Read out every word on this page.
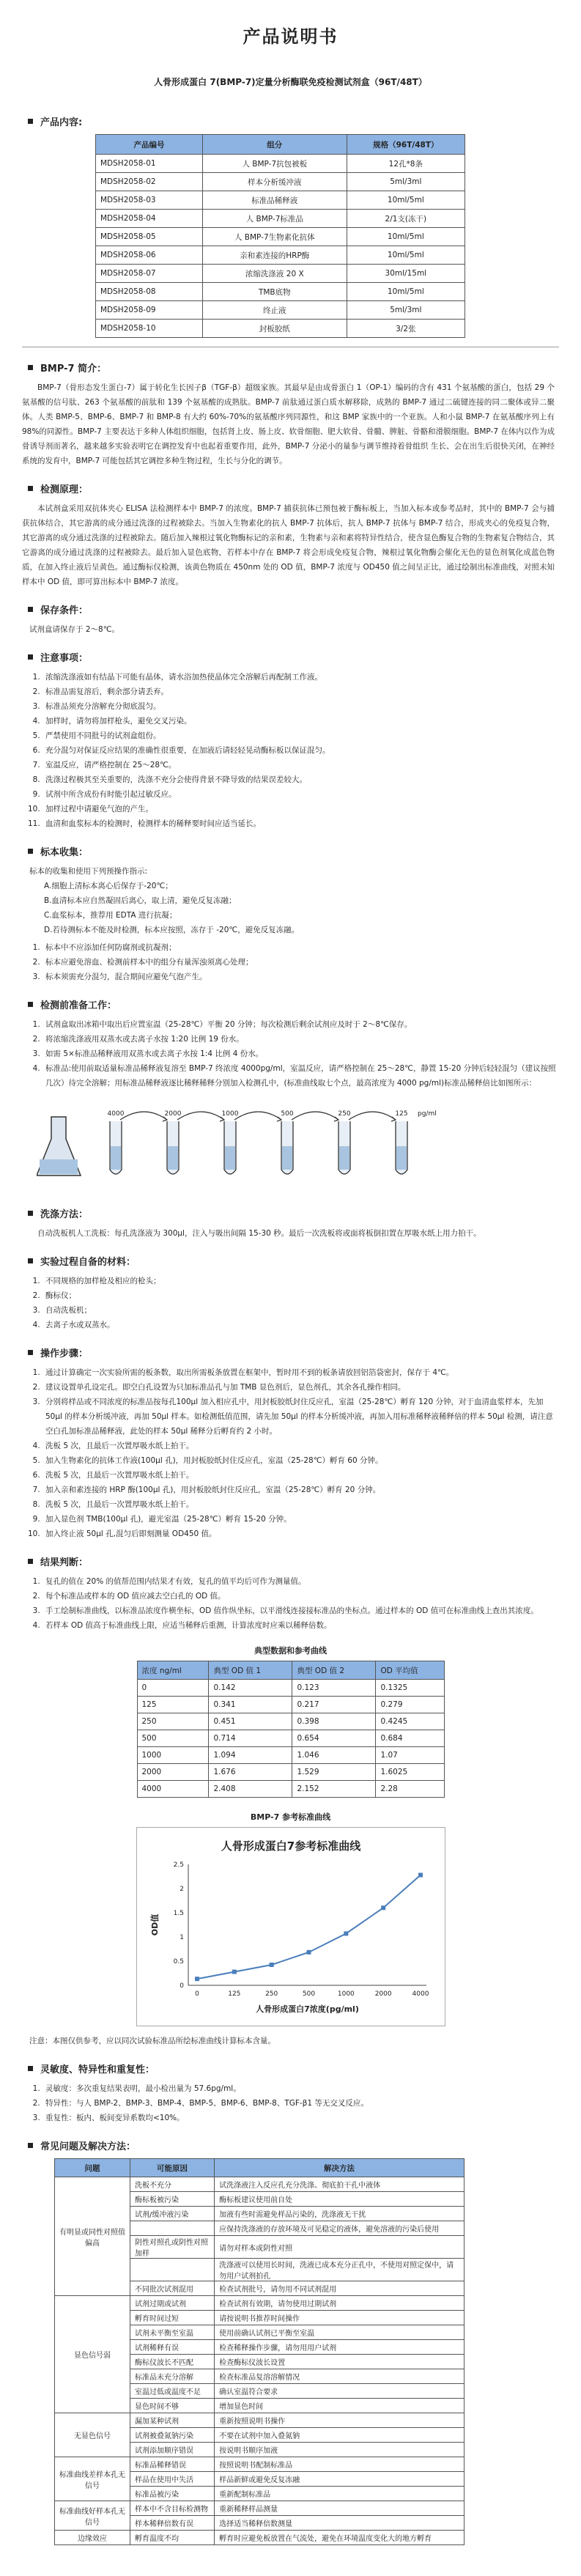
产品说明书
人骨形成蛋白 7(BMP-7)定量分析酶联免疫检测试剂盒（96T/48T）
产品内容:
产品编号	组分	规格（96T/48T）
MDSH2058-01	人 BMP-7抗包被板	12孔*8条
MDSH2058-02	样本分析缓冲液	5ml/3ml
MDSH2058-03	标准品稀释液	10ml/5ml
MDSH2058-04	人 BMP-7标准品	2/1支(冻干)
MDSH2058-05	人 BMP-7生物素化抗体	10ml/5ml
MDSH2058-06	亲和素连接的HRP酶	10ml/5ml
MDSH2058-07	浓缩洗涤液 20 X	30ml/15ml
MDSH2058-08	TMB底物	10ml/5ml
MDSH2058-09	终止液	5ml/3ml
MDSH2058-10	封板胶纸	3/2张
BMP-7 简介：

BMP-7（骨形态发生蛋白-7）属于转化生长因子β（TGF-β）超级家族。其最早是由成骨蛋白 1（OP-1）编码的含有 431 个氨基酸的蛋白，包括 29 个氨基酸的信号肽、263 个氨基酸的前肽和 139 个氨基酸的成熟肽。BMP-7 前肽通过蛋白质水解移除，成熟的 BMP-7 通过二硫键连接的同二聚体或异二聚体。人类 BMP-5、BMP-6、BMP-7 和 BMP-8 有大约 60%-70%的氨基酸序列同源性，和这 BMP 家族中的一个亚族。人和小鼠 BMP-7 在氨基酸序列上有 98%的同源性。BMP-7 主要表达于多种人体组织细胞，包括肾上皮、肠上皮、软骨细胞、肥大软骨、骨髓、脾脏、骨骼和滑膜细胞。BMP-7 在体内以作为成骨诱导剂而著名，越来越多实验表明它在调控发育中也起着重要作用，此外，BMP-7 分泌小的量参与调节维持着骨组织 生长、会在出生后很快关闭，在神经系统的发育中，BMP-7 可能包括其它调控多种生物过程，生长与分化的调节。

检测原理：

本试剂盒采用双抗体夹心 ELISA 法检测样本中 BMP-7 的浓度。BMP-7 捕获抗体已预包被于酶标板上，当加入标本或参考品时，其中的 BMP-7 会与捕获抗体结合，其它游离的成分通过洗涤的过程被除去。当加入生物素化的抗人 BMP-7 抗体后，抗人 BMP-7 抗体与 BMP-7 结合，形成夹心的免疫复合物，其它游离的成分通过洗涤的过程被除去。随后加入辣根过氧化物酶标记的亲和素，生物素与亲和素将特异性结合，使含显色酶复合物的生物素复合物结合，其它游离的成分通过洗涤的过程被除去。最后加入显色底物，若样本中存在 BMP-7 将会形成免疫复合物，辣根过氧化物酶会催化无色的显色剂氧化成蓝色物质，在加入终止液后呈黄色。通过酶标仪检测，该黄色物质在 450nm 处的 OD 值，BMP-7 浓度与 OD450 值之间呈正比，通过绘制出标准曲线，对照未知样本中 OD 值，即可算出标本中 BMP-7 浓度。

保存条件：
试剂盒请保存于 2～8℃。
注意事项：
1. 浓缩洗涤液如有结晶下可能有晶体，请水浴加热使晶体完全溶解后再配制工作液。
2. 标准品需复溶后，剩余部分请丢弃。
3. 标准品须充分溶解充分彻底混匀。
4. 加样时，请勿将加样枪头，避免交叉污染。
5. 严禁使用不同批号的试剂盒组份。
6. 充分混匀对保证反应结果的准确性很重要，在加液后请轻轻晃动酶标板以保证混匀。
7. 室温反应，请严格控制在 25～28℃。
8. 洗涤过程极其至关重要的，洗涤不充分会使得背景不降导致的结果误差较大。
9. 试剂中所含成份有时能引起过敏反应。
10. 加样过程中请避免气泡的产生。
11. 血清和血浆标本的检测时，检测样本的稀释要时间应适当延长。
标本收集：
标本的收集和使用下列预操作指示:
A.细胞上清标本离心后保存于-20℃；
B.血清标本应自然凝固后离心，取上清，避免反复冻融；
C.血浆标本，推荐用 EDTA 进行抗凝；
D.若待测标本不能及时检测，标本应按照，冻存于 -20℃，避免反复冻融。
1. 标本中不应添加任何防腐剂或抗凝剂；
2. 标本应避免溶血、检测前样本中的组分有量浑浊须离心处理；
3. 标本须需充分混匀，混合期间应避免气泡产生。
检测前准备工作：
1. 试剂盒取出冰箱中取出后应置室温（25-28℃）平衡 20 分钟；每次检测后剩余试剂应及时于 2～8℃保存。
2. 将浓缩洗涤液用双蒸水或去离子水按 1:20 比例 19 份水。
3. 如需 5×标准品稀释液用双蒸水或去离子水按 1:4 比例 4 份水。
4. 标准品:使用前取适量标准品稀释液复溶至 BMP-7 终浓度 4000pg/ml，室温反应，请严格控制在 25～28℃，静置 15-20 分钟后轻轻混匀（建议按照几次）待完全溶解；用标准品稀释液逐比稀释稀释分别加入检测孔中，(标准曲线取七个点，最高浓度为 4000 pg/ml)标准品稀释倍比如图所示：
4000	2000	1000	500	250	125 pg/ml
洗涤方法：

自动洗板机人工洗板：每孔洗涤液为 300μl，注入与吸出间隔 15-30 秒。最后一次洗板将或面将板倒扣置在厚吸水纸上用力拍干。

实验过程自备的材料：
1. 不同规格的加样枪及相应的枪头；
2. 酶标仪；
3. 自动洗板机；
4. 去离子水或双蒸水。
操作步骤：
1. 通过计算确定一次实验所需的板条数，取出所需板条放置在框架中，暂时用不到的板条请放回铝箔袋密封，保存于 4℃。
2. 建议设置单孔设定孔。即空白孔设置为只加标准品孔与加 TMB 显色剂后，显色剂孔，其余各孔操作相同。
3. 分别将样品或不同浓度的标准品按每孔100μl 加入相应孔中，用封板胶纸封住反应孔，室温（25-28℃）孵育 120 分钟，对于血清血浆样本，先加 50μl 的样本分析缓冲液，再加 50μl 样本。如检测低值范围，请先加 50μl 的样本分析缓冲液，再加入用标准稀释液稀释倍的样本 50μl 检测，请注意空白孔加标准品稀释液，此处的样本 50μl 稀释分后孵育约 2 小时。
4. 洗板 5 次，且最后一次置厚吸水纸上拍干。
5. 加入生物素化的抗体工作液(100μl 孔)，用封板胶纸封住反应孔，室温（25-28℃）孵育 60 分钟。
6. 洗板 5 次，且最后一次置厚吸水纸上拍干。
7. 加入亲和素连接的 HRP 酶(100μl 孔)，用封板胶纸封住反应孔，室温（25-28℃）孵育 20 分钟。
8. 洗板 5 次，且最后一次置厚吸水纸上拍干。
9. 加入显色剂 TMB(100μl 孔)，避光室温（25-28℃）孵育 15-20 分钟。
10. 加入终止液 50μl 孔,混匀后即刻测量 OD450 值。
结果判断：
1. 复孔的值在 20% 的值帮范围内结果才有效，复孔的值平均后可作为测量值。
2. 每个标准品或样本的 OD 值应减去空白孔的 OD 值。
3. 手工绘制标准曲线，以标准品浓度作横坐标，OD 值作纵坐标，以平滑线连接接标准品的坐标点。通过样本的 OD 值可在标准曲线上查出其浓度。
4. 若样本 OD 值高于标准曲线上限，应适当稀释后重测，计算浓度时应乘以稀释倍数。
典型数据和参考曲线
浓度 ng/ml	典型 OD 值 1	典型 OD 值 2	OD 平均值
0	0.142	0.123	0.1325
125	0.341	0.217	0.279
250	0.451	0.398	0.4245
500	0.714	0.654	0.684
1000	1.094	1.046	1.07
2000	1.676	1.529	1.6025
4000	2.408	2.152	2.28
BMP-7 参考标准曲线
人骨形成蛋白7参考标准曲线
0
0.5
1
1.5
2
2.5
0	125	250	500	1000	2000	4000
人骨形成蛋白7浓度(pg/ml)
OD值
注意：本图仅供参考，应以同次试验标准品所绘标准曲线计算标本含量。
灵敏度、特异性和重复性：
1. 灵敏度：多次重复结果表明，最小检出量为 57.6pg/ml。
2. 特异性：与人 BMP-2、BMP-3、BMP-4、BMP-5、BMP-6、BMP-8、TGF-β1 等无交叉反应。
3. 重复性：板内、板间变异系数均<10%。
常见问题及解决方法：
问题	可能原因	解决方法
有明显或同性对照值偏高	洗板不充分	试洗涤液注入反应孔充分洗涤、彻底拍干孔中液体
	酶标板被污染	酶标板建议使用前自处
	试剂/缓冲液污染	加液有些时需避免样品污染的，洗涤液无干扰
		应保持洗涤液的存放环境及可见稳定的液体，避免溶液的污染后使用
	阴性对照孔或阴性对照加样	请勿对样本或阴性对照
		洗涤液可以使用长时间，洗液已成本充分正孔中，不使用对照定保中，请勿用户试剂拍孔
	不同批次试剂混用	检查试剂批号，请勿用不同试剂混用
显色信号弱	试剂过期或试剂	检查试剂有效期，请勿使用过期试剂
	孵育时间过短	请按说明书推荐时间操作
	试剂未平衡至室温	使用前确认试剂已平衡至室温
	试剂稀释有误	检查稀释操作步骤，请勿用用户试剂
	酶标仪波长不匹配	检查酶标仪波长设置
	标准品未充分溶解	检查标准品复溶溶解情况
	室温过低或温度不足	确认室温符合要求
	显色时间不够	增加显色时间
无显色信号	漏加某种试剂	重新按照说明书操作
	试剂被叠氮钠污染	不要在试剂中加入叠氮钠
	试剂添加顺序错误	按说明书顺序加液
标准曲线差样本孔无信号	标准品稀释错误	按照说明书配制标准品
	样品在使用中失活	样品新鲜或避免反复冻融
	标准品被污染	重新配制标准品
标准曲线好样本孔无信号	样本中不含目标检测物	重新稀释样品测量
	样本稀释倍数有误	选择适当稀释倍数测量
边缘效应	孵育温度不均	孵育时应避免板放置在气流处，避免在环境温度变化大的地方孵育
